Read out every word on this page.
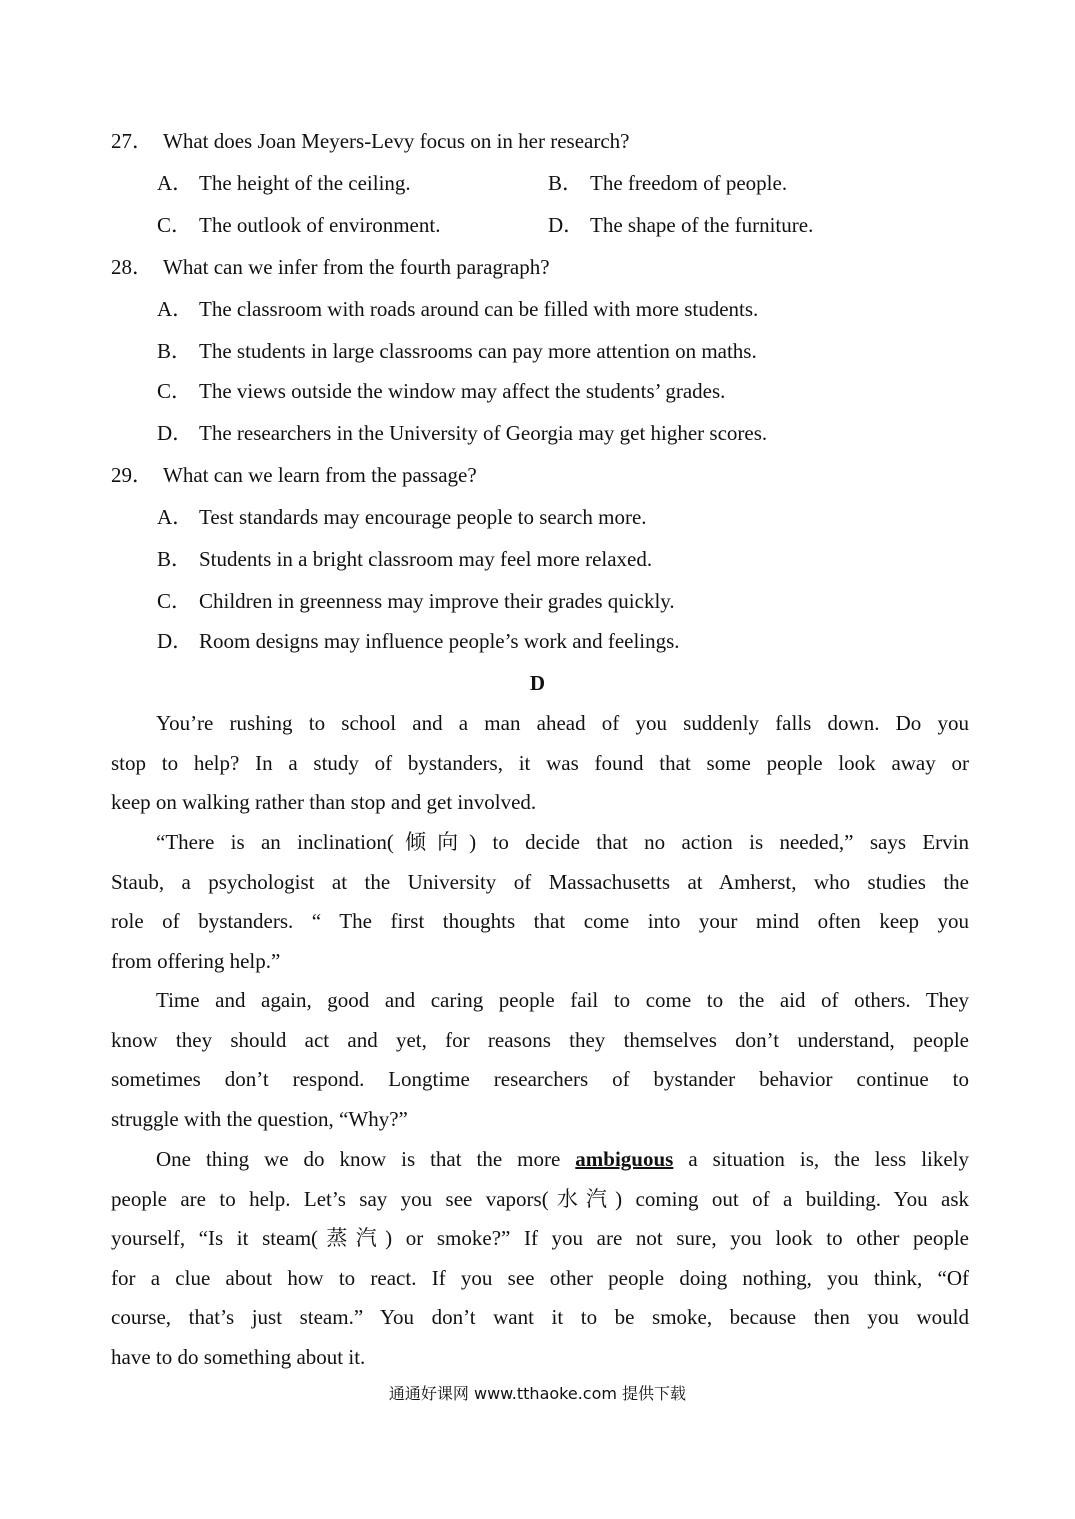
27． What does Joan Meyers-Levy focus on in her research?
A． The height of the ceiling.	B． The freedom of people.
C． The outlook of environment.	D． The shape of the furniture.
28． What can we infer from the fourth paragraph?
A． The classroom with roads around can be filled with more students.
B． The students in large classrooms can pay more attention on maths.
C． The views outside the window may affect the students’ grades.
D． The researchers in the University of Georgia may get higher scores.
29． What can we learn from the passage?
A． Test standards may encourage people to search more.
B． Students in a bright classroom may feel more relaxed.
C． Children in greenness may improve their grades quickly.
D． Room designs may influence people’s work and feelings.
D
You’re rushing to school and a man ahead of you suddenly falls down. Do you
stop to help? In a study of bystanders, it was found that some people look away or
keep on walking rather than stop and get involved.
“There is an inclination(倾向) to decide that no action is needed,” says Ervin
Staub, a psychologist at the University of Massachusetts at Amherst, who studies the
role of bystanders. “ The first thoughts that come into your mind often keep you
from offering help.”
Time and again, good and caring people fail to come to the aid of others. They
know they should act and yet, for reasons they themselves don’t understand, people
sometimes don’t respond. Longtime researchers of bystander behavior continue to
struggle with the question, “Why?”
One thing we do know is that the more ambiguous a situation is, the less likely
people are to help. Let’s say you see vapors(水汽) coming out of a building. You ask
yourself, “Is it steam(蒸汽) or smoke?” If you are not sure, you look to other people
for a clue about how to react. If you see other people doing nothing, you think, “Of
course, that’s just steam.” You don’t want it to be smoke, because then you would
have to do something about it.
通通好课网 www.tthaoke.com 提供下载
